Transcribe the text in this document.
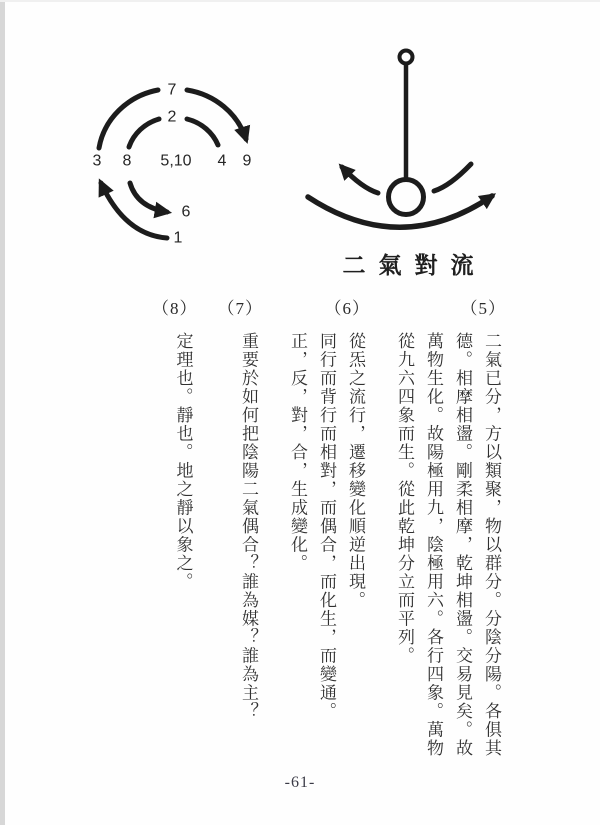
7
2
3 8 5,10 4 9
6
1
二氣對流
（5）
二氣已分，方以類聚，物以群分。分陰分陽。各俱其
德。相摩相盪。剛柔相摩，乾坤相盪。交易見矣。故
萬物生化。故陽極用九，陰極用六。各行四象。萬物
從九六四象而生。從此乾坤分立而平列。
（6）
從炁之流行，遷移變化順逆出現。
同行而背行而相對，而偶合，而化生，而變通。
正，反，對，合，生成變化。
（7）
重要於如何把陰陽二氣偶合？誰為媒？誰為主？
（8）
定理也。靜也。地之靜以象之。
-61-
